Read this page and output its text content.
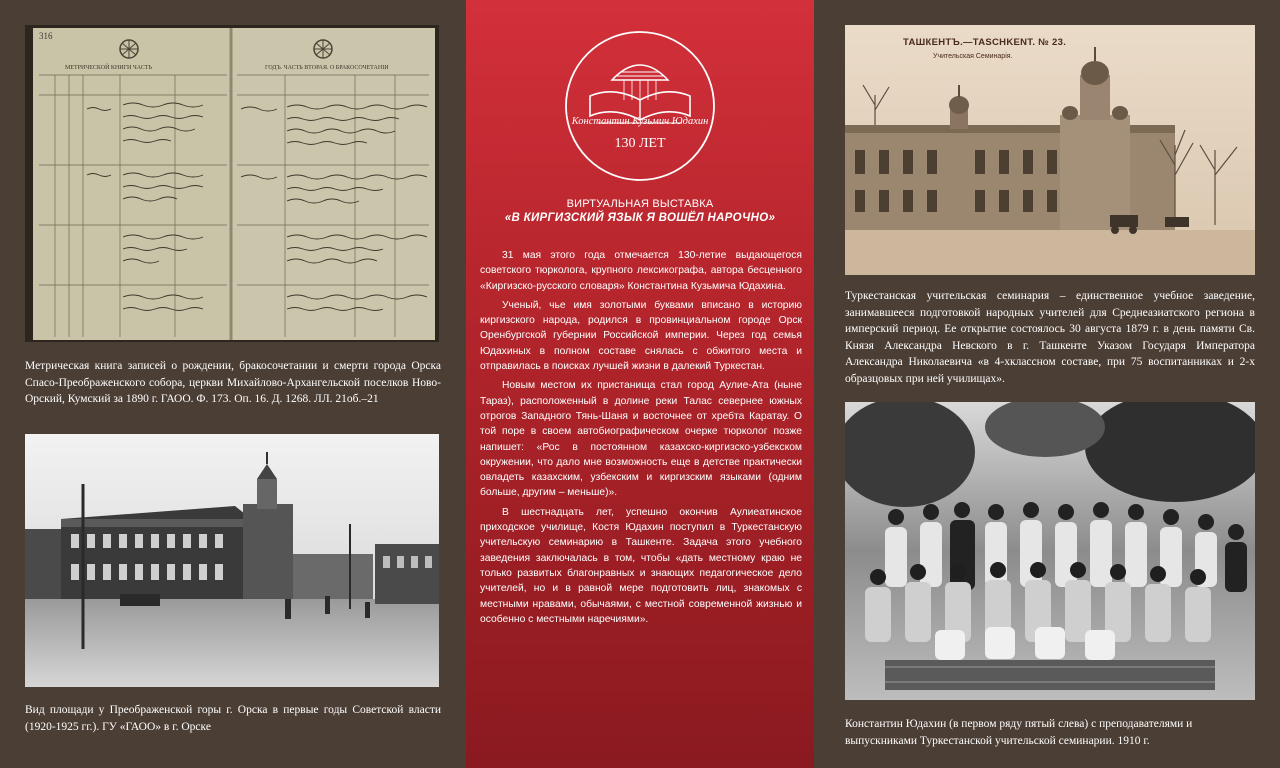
МЕТРИЧЕСКОЙ КНИГИ ЧАСТЬ	ГОДЪ. ЧАСТЬ ВТОРАЯ. О БРАКОСОЧЕТАНІИ
316
Метрическая книга записей о рождении, бракосочетании и смерти города Орска Спасо-Преображенского собора, церкви Михайлово-Архангельской поселков Ново-Орский, Кумский за 1890 г. ГАОО. Ф. 173. Оп. 16. Д. 1268. ЛЛ. 21об.–21
Вид площади у Преображенской горы г. Орска в первые годы Советской власти (1920-1925 гг.). ГУ «ГАОО» в г. Орске
Константин Кузьмич Юдахин
130 ЛЕТ
ВИРТУАЛЬНАЯ ВЫСТАВКА
«В КИРГИЗСКИЙ ЯЗЫК Я ВОШЁЛ НАРОЧНО»

31 мая этого года отмечается 130-летие выдающегося советского тюрколога, крупного лексикографа, автора бесценного «Киргизско-русского словаря» Константина Кузьмича Юдахина.

Ученый, чье имя золотыми буквами вписано в историю киргизского народа, родился в провинциальном городе Орск Оренбургской губернии Российской империи. Через год семья Юдахиных в полном составе снялась с обжитого места и отправилась в поисках лучшей жизни в далекий Туркестан.

Новым местом их пристанища стал город Аулие-Ата (ныне Тараз), расположенный в долине реки Талас севернее южных отрогов Западного Тянь-Шаня и восточнее от хребта Каратау. О той поре в своем автобиографическом очерке тюрколог позже напишет: «Рос в постоянном казахско-киргизско-узбекском окружении, что дало мне возможность еще в детстве практически овладеть казахским, узбекским и киргизским языками (одним больше, другим – меньше)».

В шестнадцать лет, успешно окончив Аулиеатинское приходское училище, Костя Юдахин поступил в Туркестанскую учительскую семинарию в Ташкенте. Задача этого учебного заведения заключалась в том, чтобы «дать местному краю не только развитых благонравных и знающих педагогическое дело учителей, но и в равной мере подготовить лиц, знакомых с местными нравами, обычаями, с местной современной жизнью и особенно с местными наречиями».

ТАШКЕНТЪ.—TASCHKENT. № 23.
Учительская Семинарія.
Туркестанская учительская семинария – единственное учебное заведение, занимавшееся подготовкой народных учителей для Среднеазиатского региона в имперский период. Ее открытие состоялось 30 августа 1879 г. в день памяти Св. Князя Александра Невского в г. Ташкенте Указом Государя Императора Александра Николаевича «в 4-хклассном составе, при 75 воспитанниках и 2-х образцовых при ней училищах».
Константин Юдахин (в первом ряду пятый слева) с преподавателями и выпускниками Туркестанской учительской семинарии. 1910 г.
